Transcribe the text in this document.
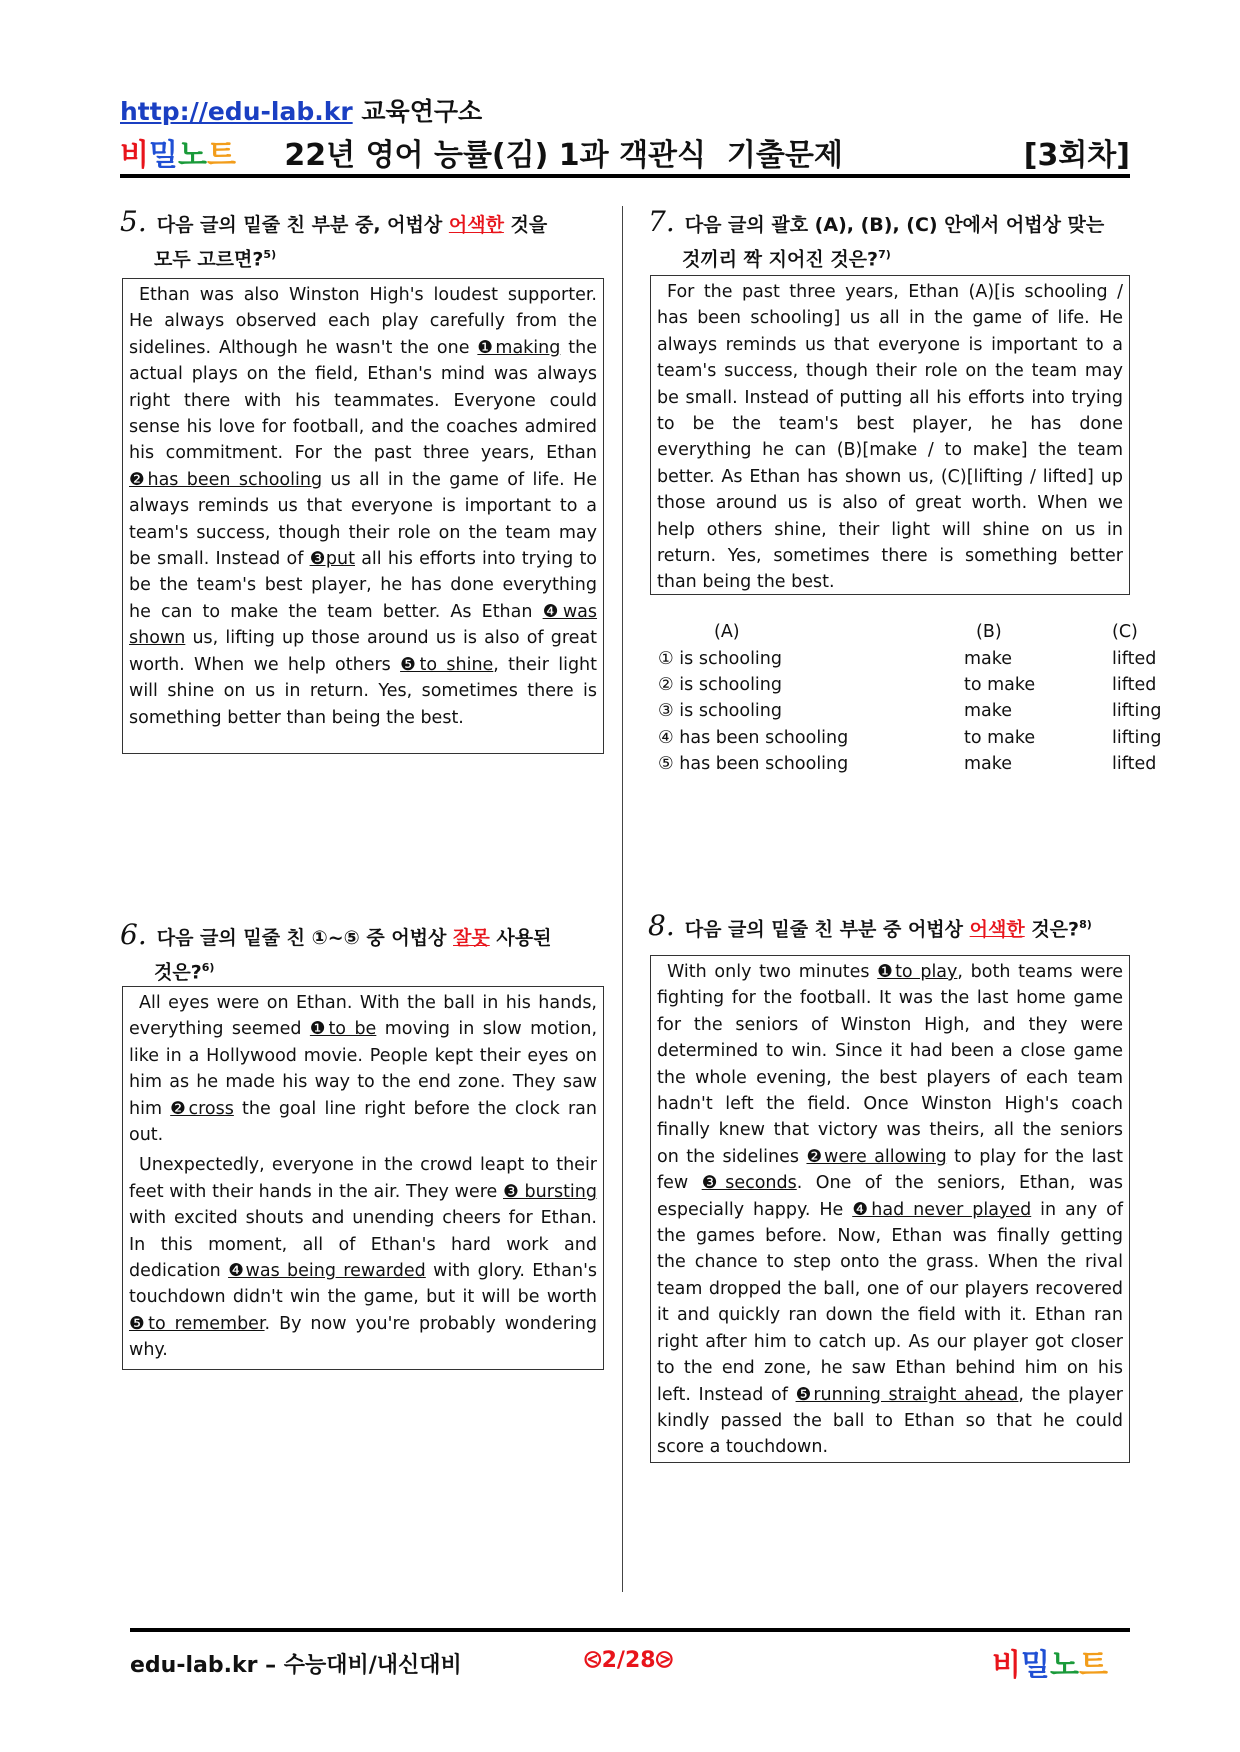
http://edu-lab.kr 교육연구소
비밀노트 22년 영어 능률(김) 1과 객관식  기출문제	[3회차]
5. 다음 글의 밑줄 친 부분 중, 어법상 어색한 것을
모두 고르면?$^{5)}$

Ethan was also Winston High's loudest supporter. He always observed each play carefully from the sidelines. Although he wasn't the one ❶making the actual plays on the field, Ethan's mind was always right there with his teammates. Everyone could sense his love for football, and the coaches admired his commitment. For the past three years, Ethan ❷has been schooling us all in the game of life. He always reminds us that everyone is important to a team's success, though their role on the team may be small. Instead of ❸put all his efforts into trying to be the team's best player, he has done everything he can to make the team better. As Ethan ❹was shown us, lifting up those around us is also of great worth. When we help others ❺to shine, their light will shine on us in return. Yes, sometimes there is something better than being the best.

7. 다음 글의 괄호 (A), (B), (C) 안에서 어법상 맞는
것끼리 짝 지어진 것은?$^{7)}$

For the past three years, Ethan (A)[is schooling / has been schooling] us all in the game of life. He always reminds us that everyone is important to a team's success, though their role on the team may be small. Instead of putting all his efforts into trying to be the team's best player, he has done everything he can (B)[make / to make] the team better. As Ethan has shown us, (C)[lifting / lifted] up those around us is also of great worth. When we help others shine, their light will shine on us in return. Yes, sometimes there is something better than being the best.

(A)	(B)	(C)
① is schooling	make	lifted
② is schooling	to make	lifted
③ is schooling	make	lifting
④ has been schooling	to make	lifting
⑤ has been schooling	make	lifted
6. 다음 글의 밑줄 친 ①~⑤ 중 어법상 잘못 사용된
것은?$^{6)}$

All eyes were on Ethan. With the ball in his hands, everything seemed ❶to be moving in slow motion, like in a Hollywood movie. People kept their eyes on him as he made his way to the end zone. They saw him ❷cross the goal line right before the clock ran out.

Unexpectedly, everyone in the crowd leapt to their feet with their hands in the air. They were ❸ bursting with excited shouts and unending cheers for Ethan. In this moment, all of Ethan's hard work and dedication ❹was being rewarded with glory. Ethan's touchdown didn't win the game, but it will be worth ❺to remember. By now you're probably wondering why.

8. 다음 글의 밑줄 친 부분 중 어법상 어색한 것은?$^{8)}$

With only two minutes ❶to play, both teams were fighting for the football. It was the last home game for the seniors of Winston High, and they were determined to win. Since it had been a close game the whole evening, the best players of each team hadn't left the field. Once Winston High's coach finally knew that victory was theirs, all the seniors on the sidelines ❷were allowing to play for the last few ❸seconds. One of the seniors, Ethan, was especially happy. He ❹had never played in any of the games before. Now, Ethan was finally getting the chance to step onto the grass. When the rival team dropped the ball, one of our players recovered it and quickly ran down the field with it. Ethan ran right after him to catch up. As our player got closer to the end zone, he saw Ethan behind him on his left. Instead of ❺running straight ahead, the player kindly passed the ball to Ethan so that he could score a touchdown.

edu-lab.kr – 수능대비/내신대비	⧀2/28⧁	비밀노트
